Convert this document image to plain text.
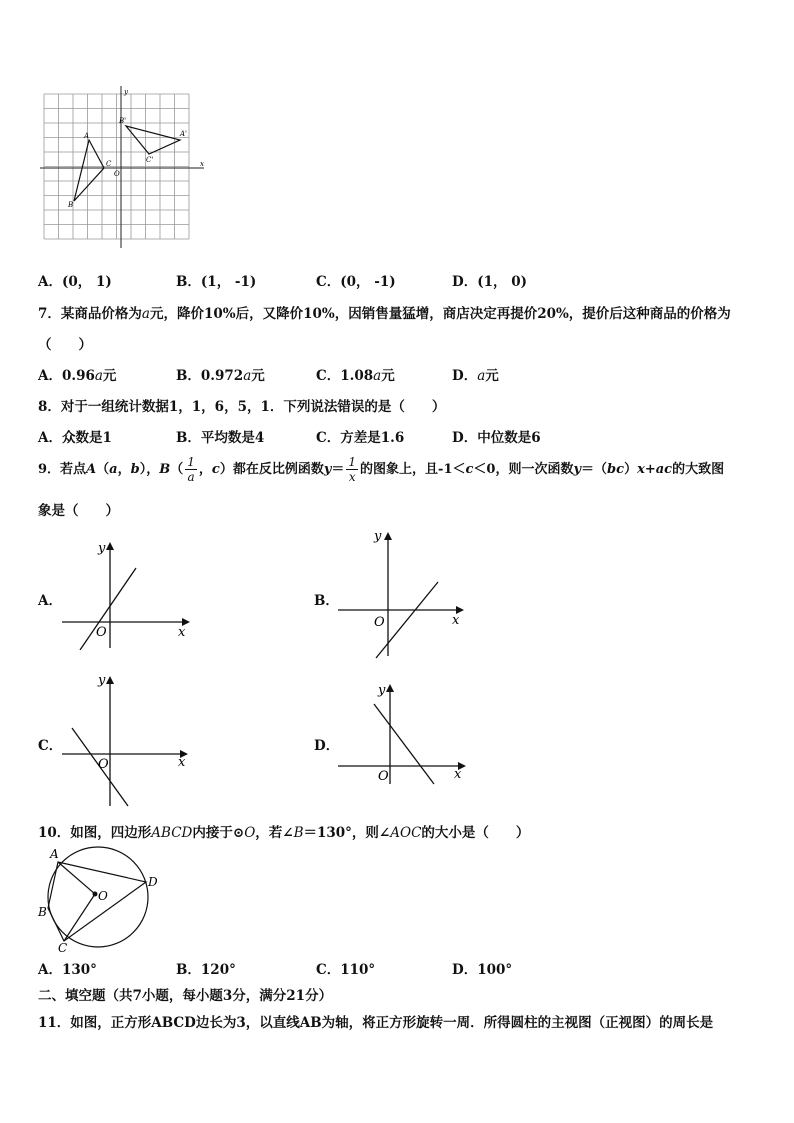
A
B
C
O
A'
B'
C'	x
y
A．(0， 1)	B．(1， -1)	C．(0， -1)	D．(1， 0)
7．某商品价格为a元，降价10%后，又降价10%，因销售量猛增，商店决定再提价20%，提价后这种商品的价格为
（　　）
A．0.96a元	B．0.972a元	C．1.08a元	D．a元
8．对于一组统计数据1，1，6，5，1．下列说法错误的是（　　）
A．众数是1	B．平均数是4	C．方差是1.6	D．中位数是6
9．若点A（a，b），$B( \frac{1}{a}$ ，c）都在反比例函数$y= \frac{1}{x}$ 的图象上，且-1＜c＜0，则一次函数y＝（bc）x+ac的大致图
象是（　　）
A．
y
x
O
B．
y
x
O
C．
y
x
O
D．
y
x
O
10．如图，四边形ABCD内接于⊙O，若∠B＝130°，则∠AOC的大小是（　　）
A
B
C
D
O
A．130°	B．120°	C．110°	D．100°
二、填空题（共7小题，每小题3分，满分21分）
11．如图，正方形ABCD边长为3，以直线AB为轴，将正方形旋转一周．所得圆柱的主视图（正视图）的周长是
